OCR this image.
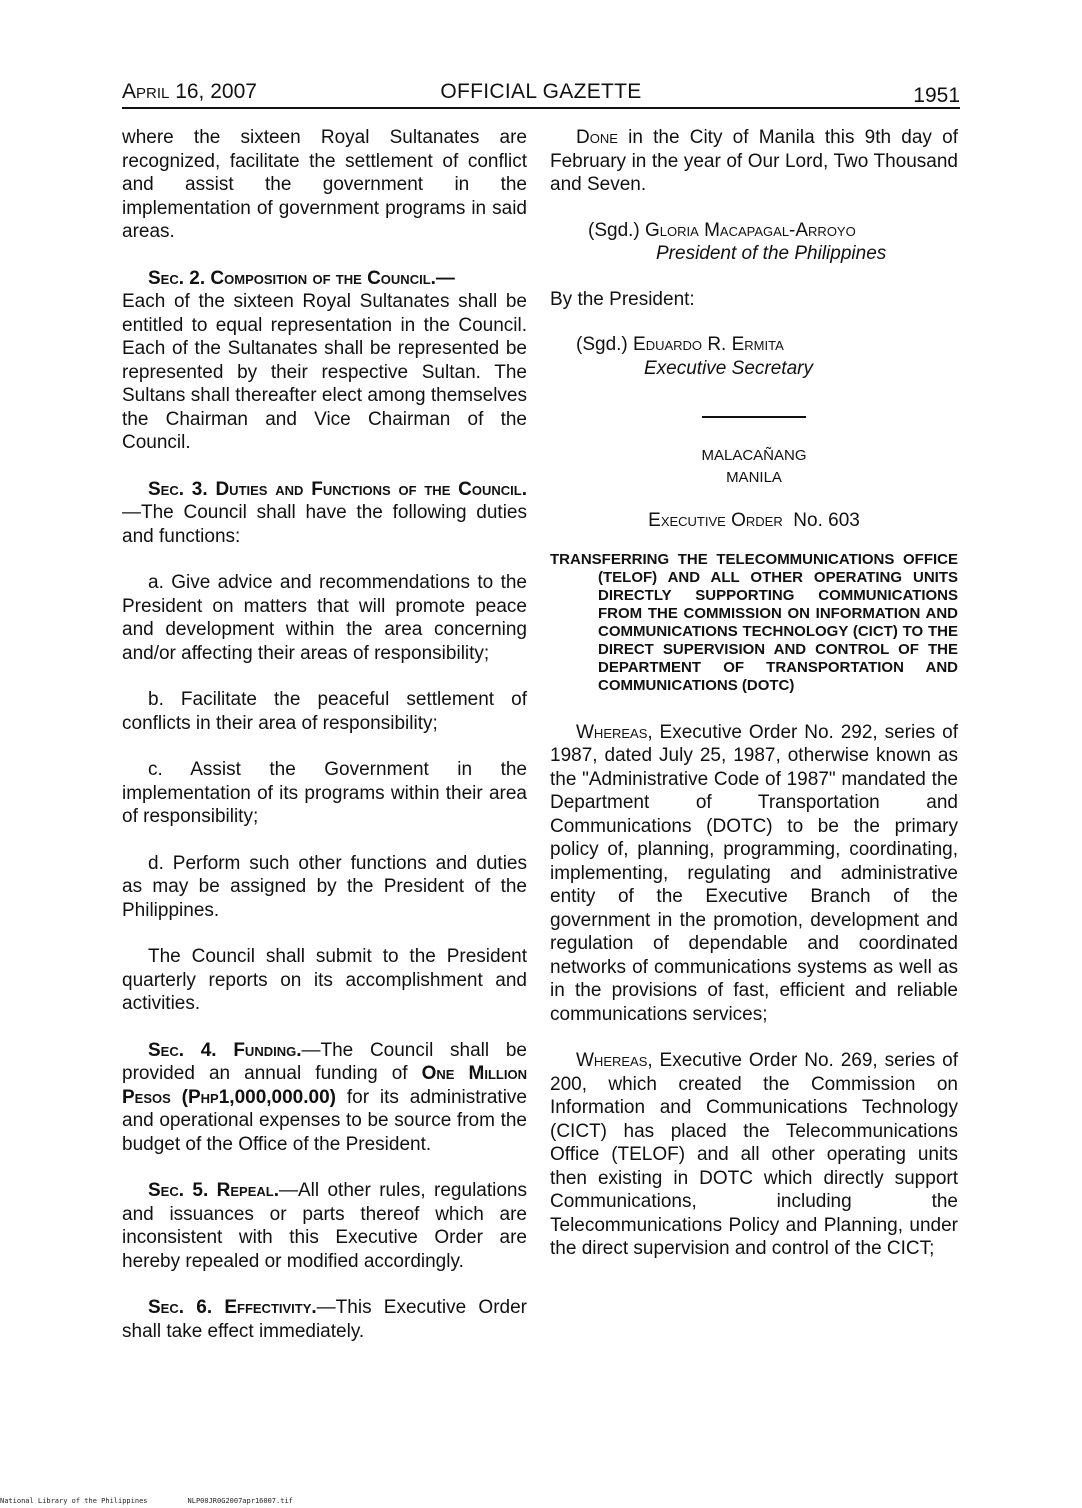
April 16, 2007	OFFICIAL GAZETTE	1951

where the sixteen Royal Sultanates are recognized, facilitate the settlement of conflict and assist the government in the implementation of government programs in said areas.

Sec. 2. Composition of the Council.—
Each of the sixteen Royal Sultanates shall be entitled to equal representation in the Council. Each of the Sultanates shall be represented be represented by their respective Sultan. The Sultans shall thereafter elect among themselves the Chairman and Vice Chairman of the Council.

Sec. 3. Duties and Functions of the Council.—The Council shall have the following duties and functions:

a. Give advice and recommendations to the President on matters that will promote peace and development within the area concerning and/or affecting their areas of responsibility;

b. Facilitate the peaceful settlement of conflicts in their area of responsibility;

c. Assist the Government in the implementation of its programs within their area of responsibility;

d. Perform such other functions and duties as may be assigned by the President of the Philippines.

The Council shall submit to the President quarterly reports on its accomplishment and activities.

Sec. 4. Funding.—The Council shall be provided an annual funding of One Million Pesos (Php1,000,000.00) for its administrative and operational expenses to be source from the budget of the Office of the President.

Sec. 5. Repeal.—All other rules, regulations and issuances or parts thereof which are inconsistent with this Executive Order are hereby repealed or modified accordingly.

Sec. 6. Effectivity.—This Executive Order shall take effect immediately.

Done in the City of Manila this 9th day of February in the year of Our Lord, Two Thousand and Seven.

(Sgd.) Gloria Macapagal-Arroyo

President of the Philippines

By the President:

(Sgd.) Eduardo R. Ermita

Executive Secretary

MALACAÑANG

MANILA

Executive Order No. 603

TRANSFERRING THE TELECOMMUNICATIONS OFFICE (TELOF) AND ALL OTHER OPERATING UNITS DIRECTLY SUPPORTING COMMUNICATIONS FROM THE COMMISSION ON INFORMATION AND COMMUNICATIONS TECHNOLOGY (CICT) TO THE DIRECT SUPERVISION AND CONTROL OF THE DEPARTMENT OF TRANSPORTATION AND COMMUNICATIONS (DOTC)

Whereas, Executive Order No. 292, series of 1987, dated July 25, 1987, otherwise known as the "Administrative Code of 1987" mandated the Department of Transportation and Communications (DOTC) to be the primary policy of, planning, programming, coordinating, implementing, regulating and administrative entity of the Executive Branch of the government in the promotion, development and regulation of dependable and coordinated networks of communications systems as well as in the provisions of fast, efficient and reliable communications services;

Whereas, Executive Order No. 269, series of 200, which created the Commission on Information and Communications Technology (CICT) has placed the Telecommunications Office (TELOF) and all other operating units then existing in DOTC which directly support Communications, including the Telecommunications Policy and Planning, under the direct supervision and control of the CICT;

National Library of the Philippines	NLP00JR0G2007apr16007.tif
